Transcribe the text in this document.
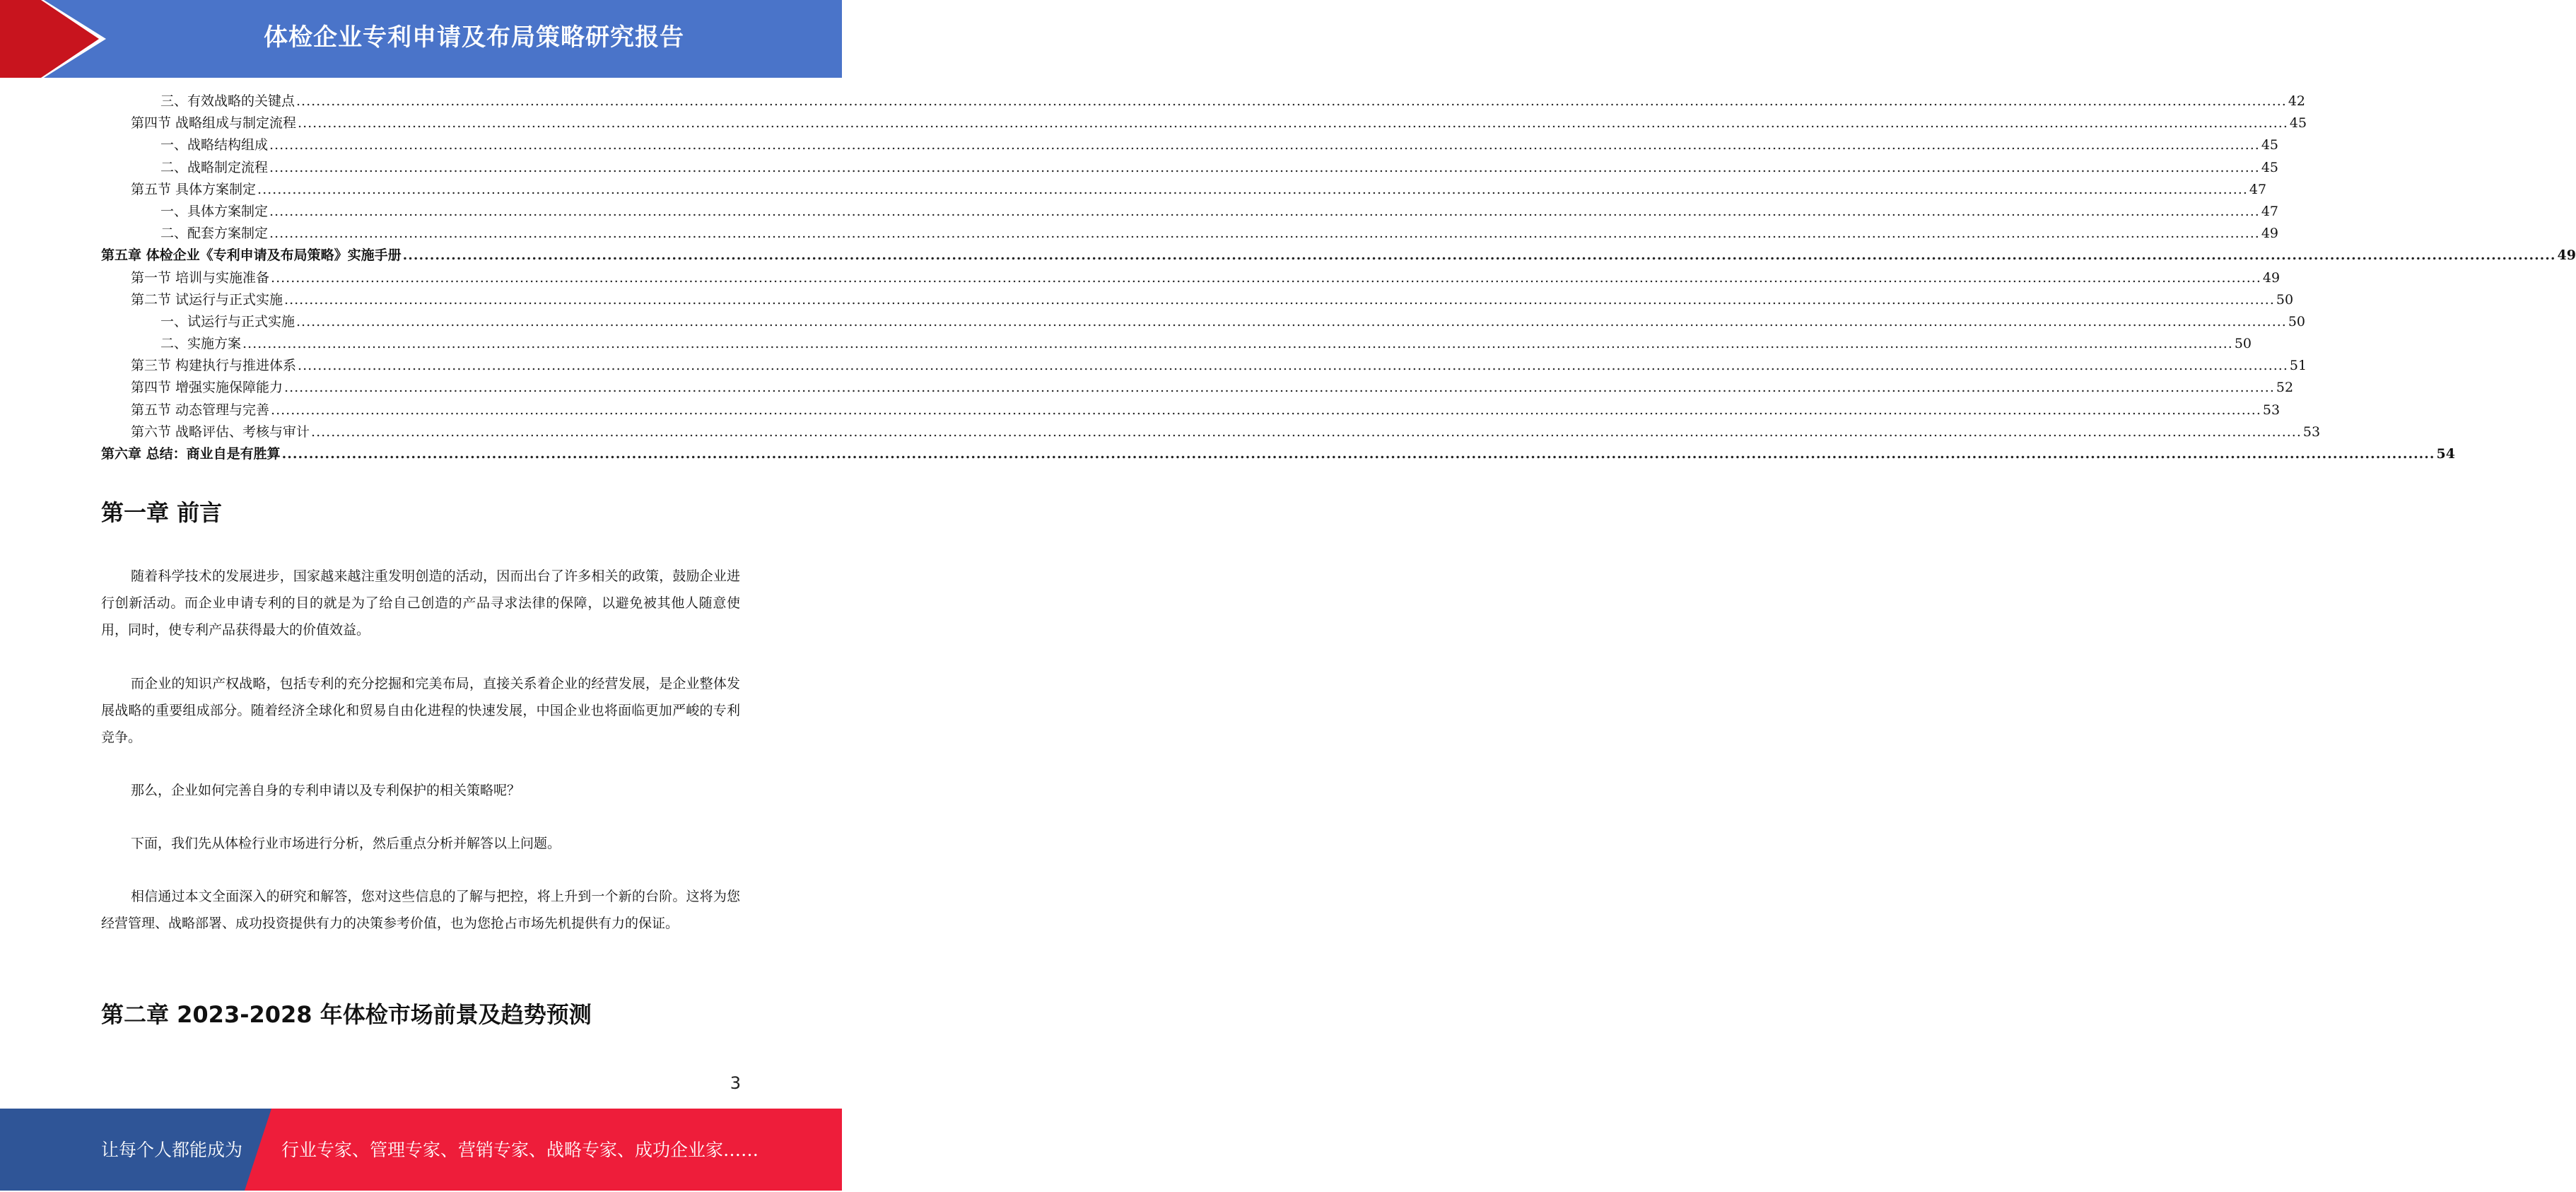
体检企业专利申请及布局策略研究报告
三、有效战略的关键点 ................................................................................................................................................................................................................................................................................................................................................................................................................ 42
第四节 战略组成与制定流程 ................................................................................................................................................................................................................................................................................................................................................................................................................ 45
一、战略结构组成 ................................................................................................................................................................................................................................................................................................................................................................................................................ 45
二、战略制定流程 ................................................................................................................................................................................................................................................................................................................................................................................................................ 45
第五节 具体方案制定 ................................................................................................................................................................................................................................................................................................................................................................................................................ 47
一、具体方案制定 ................................................................................................................................................................................................................................................................................................................................................................................................................ 47
二、配套方案制定 ................................................................................................................................................................................................................................................................................................................................................................................................................ 49
第五章 体检企业《专利申请及布局策略》实施手册 ................................................................................................................................................................................................................................................................................................................................................................................................................ 49
第一节 培训与实施准备 ................................................................................................................................................................................................................................................................................................................................................................................................................ 49
第二节 试运行与正式实施 ................................................................................................................................................................................................................................................................................................................................................................................................................ 50
一、试运行与正式实施 ................................................................................................................................................................................................................................................................................................................................................................................................................ 50
二、实施方案 ................................................................................................................................................................................................................................................................................................................................................................................................................ 50
第三节 构建执行与推进体系 ................................................................................................................................................................................................................................................................................................................................................................................................................ 51
第四节 增强实施保障能力 ................................................................................................................................................................................................................................................................................................................................................................................................................ 52
第五节 动态管理与完善 ................................................................................................................................................................................................................................................................................................................................................................................................................ 53
第六节 战略评估、考核与审计 ................................................................................................................................................................................................................................................................................................................................................................................................................ 53
第六章 总结：商业自是有胜算 ................................................................................................................................................................................................................................................................................................................................................................................................................ 54
第一章 前言
随着科学技术的发展进步，国家越来越注重发明创造的活动，因而出台了许多相关的政策，鼓励企业进行创新活动。而企业申请专利的目的就是为了给自己创造的产品寻求法律的保障，以避免被其他人随意使用，同时，使专利产品获得最大的价值效益。
而企业的知识产权战略，包括专利的充分挖掘和完美布局，直接关系着企业的经营发展，是企业整体发展战略的重要组成部分。随着经济全球化和贸易自由化进程的快速发展，中国企业也将面临更加严峻的专利竞争。
那么，企业如何完善自身的专利申请以及专利保护的相关策略呢？
下面，我们先从体检行业市场进行分析，然后重点分析并解答以上问题。
相信通过本文全面深入的研究和解答，您对这些信息的了解与把控，将上升到一个新的台阶。这将为您经营管理、战略部署、成功投资提供有力的决策参考价值，也为您抢占市场先机提供有力的保证。
第二章 2023-2028 年体检市场前景及趋势预测
3
让每个人都能成为 行业专家、管理专家、营销专家、战略专家、成功企业家……
